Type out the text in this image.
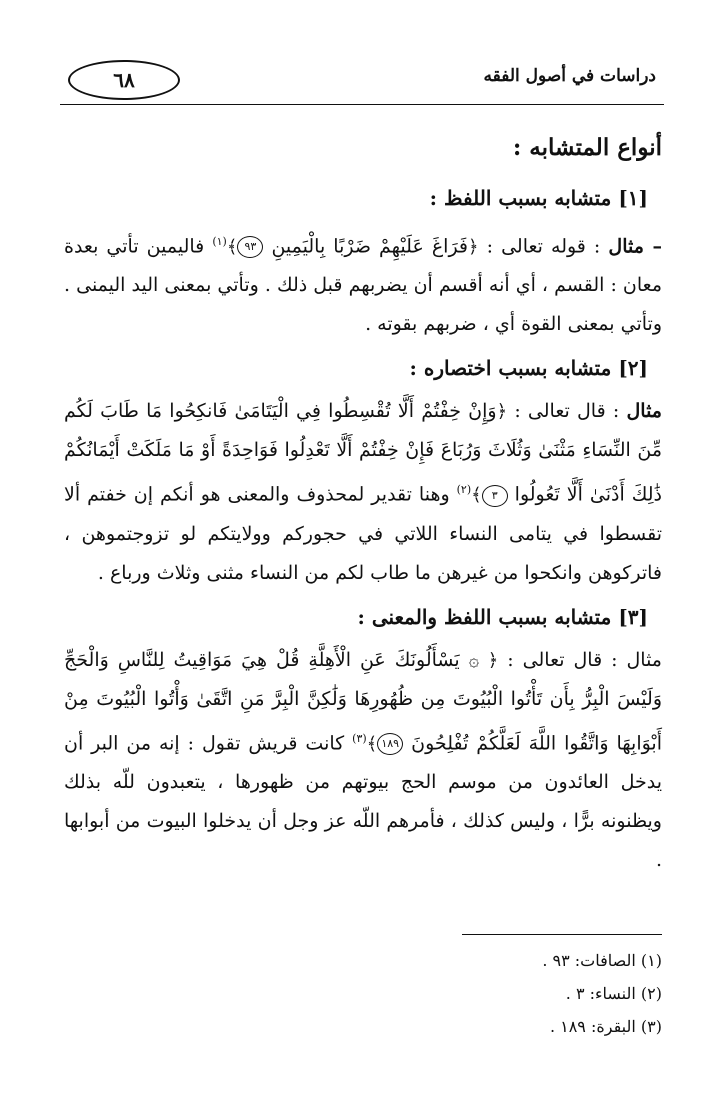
٦٨	دراسات في أصول الفقه
أنواع المتشابه :
[١] متشابه بسبب اللفظ :

– مثال : قوله تعالى : ﴿فَرَاغَ عَلَيْهِمْ ضَرْبًا بِالْيَمِينِ ٩٣﴾$^{(١)}$ فاليمين تأتي بعدة معان : القسم ، أي أنه أقسم أن يضربهم قبل ذلك . وتأتي بمعنى اليد اليمنى . وتأتي بمعنى القوة أي ، ضربهم بقوته .

[٢] متشابه بسبب اختصاره :

مثال : قال تعالى : ﴿وَإِنْ خِفْتُمْ أَلَّا تُقْسِطُوا فِي الْيَتَامَىٰ فَانكِحُوا مَا طَابَ لَكُم مِّنَ النِّسَاءِ مَثْنَىٰ وَثُلَاثَ وَرُبَاعَ فَإِنْ خِفْتُمْ أَلَّا تَعْدِلُوا فَوَاحِدَةً أَوْ مَا مَلَكَتْ أَيْمَانُكُمْ ذَٰلِكَ أَدْنَىٰ أَلَّا تَعُولُوا ٣﴾$^{(٢)}$ وهنا تقدير لمحذوف والمعنى هو أنكم إن خفتم ألا تقسطوا في يتامى النساء اللاتي في حجوركم وولايتكم لو تزوجتموهن ، فاتركوهن وانكحوا من غيرهن ما طاب لكم من النساء مثنى وثلاث ورباع .

[٣] متشابه بسبب اللفظ والمعنى :

مثال : قال تعالى : ﴿ ۞ يَسْأَلُونَكَ عَنِ الْأَهِلَّةِ قُلْ هِيَ مَوَاقِيتُ لِلنَّاسِ وَالْحَجِّ وَلَيْسَ الْبِرُّ بِأَن تَأْتُوا الْبُيُوتَ مِن ظُهُورِهَا وَلَٰكِنَّ الْبِرَّ مَنِ اتَّقَىٰ وَأْتُوا الْبُيُوتَ مِنْ أَبْوَابِهَا وَاتَّقُوا اللَّهَ لَعَلَّكُمْ تُفْلِحُونَ ١٨٩﴾$^{(٣)}$ كانت قريش تقول : إنه من البر أن يدخل العائدون من موسم الحج بيوتهم من ظهورها ، يتعبدون للّه بذلك ويظنونه برًّا ، وليس كذلك ، فأمرهم اللّه عز وجل أن يدخلوا البيوت من أبوابها .

(١) الصافات: ٩٣ .
(٢) النساء: ٣ .
(٣) البقرة: ١٨٩ .
